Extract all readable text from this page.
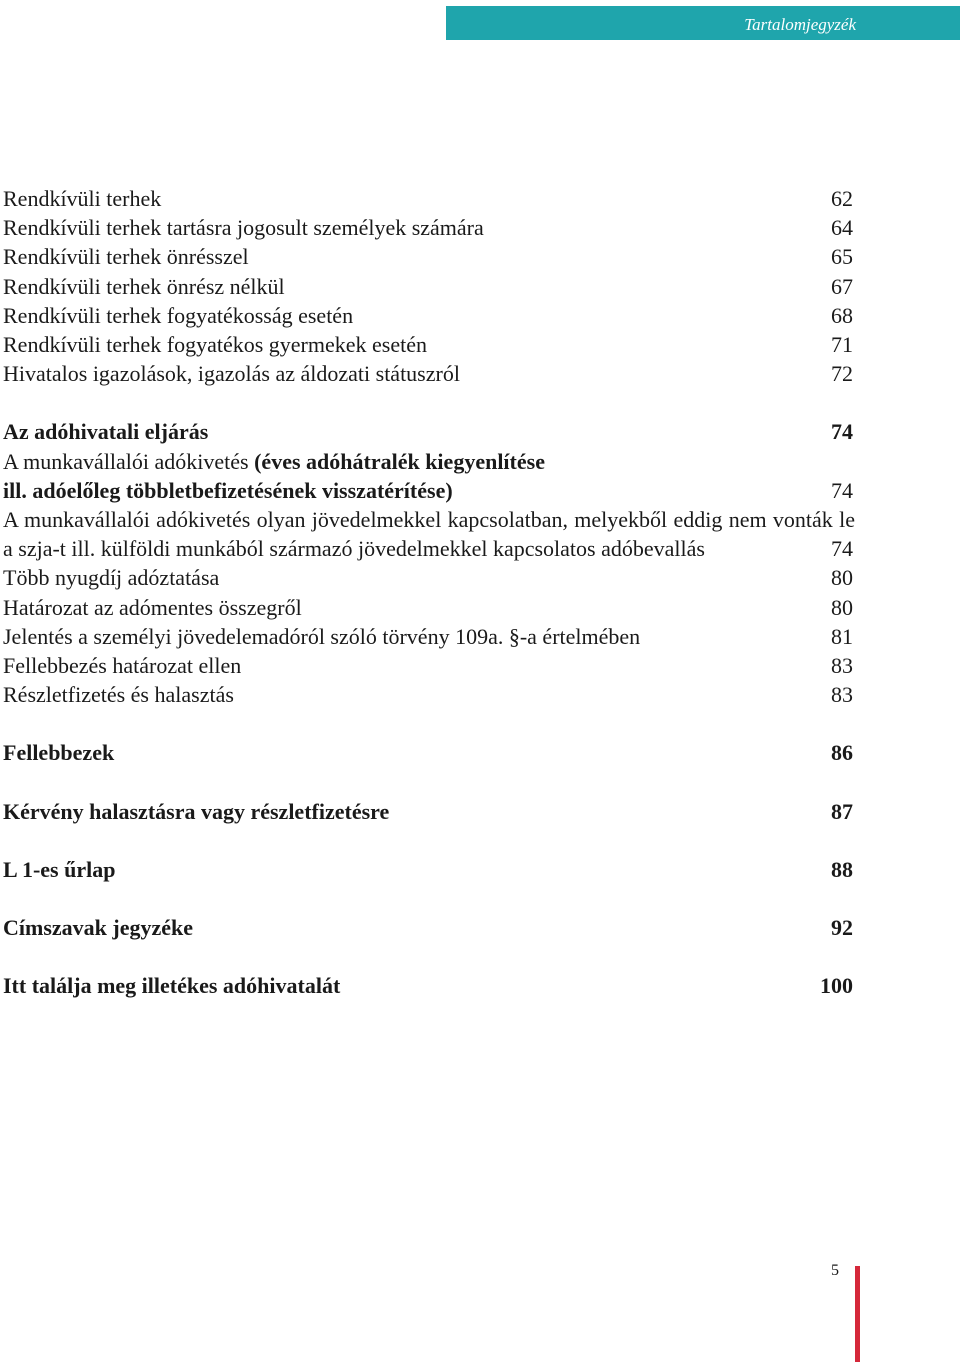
Tartalomjegyzék
Rendkívüli terhek	62
Rendkívüli terhek tartásra jogosult személyek számára	64
Rendkívüli terhek önrésszel	65
Rendkívüli terhek önrész nélkül	67
Rendkívüli terhek fogyatékosság esetén	68
Rendkívüli terhek fogyatékos gyermekek esetén	71
Hivatalos igazolások, igazolás az áldozati státuszról	72
Az adóhivatali eljárás	74
A munkavállalói adókivetés (éves adóhátralék kiegyenlítése
ill. adóelőleg többletbefizetésének visszatérítése)	74
A munkavállalói adókivetés olyan jövedelmekkel kapcsolatban, melyekből eddig nem vonták le a szja-t ill. külföldi munkából származó jövedelmekkel kapcsolatos adóbevallás	74
Több nyugdíj adóztatása	80
Határozat az adómentes összegről	80
Jelentés a személyi jövedelemadóról szóló törvény 109a. §-a értelmében	81
Fellebbezés határozat ellen	83
Részletfizetés és halasztás	83
Fellebbezek	86
Kérvény halasztásra vagy részletfizetésre	87
L 1-es űrlap	88
Címszavak jegyzéke	92
Itt találja meg illetékes adóhivatalát	100
5
